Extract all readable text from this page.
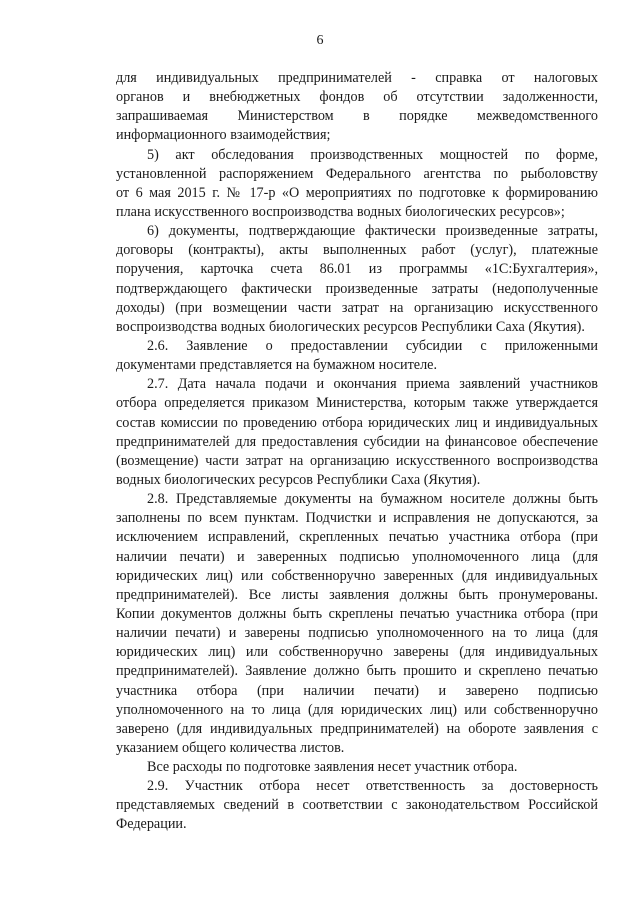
6
для индивидуальных предпринимателей - справка от налоговых
органов и внебюджетных фондов об отсутствии задолженности,
запрашиваемая Министерством в порядке межведомственного
информационного взаимодействия;
5) акт обследования производственных мощностей по форме,
установленной распоряжением Федерального агентства по рыболовству
от 6 мая 2015 г. № 17-р «О мероприятиях по подготовке к формированию
плана искусственного воспроизводства водных биологических ресурсов»;
6) документы, подтверждающие фактически произведенные затраты,
договоры (контракты), акты выполненных работ (услуг), платежные
поручения, карточка счета 86.01 из программы «1С:Бухгалтерия»,
подтверждающего фактически произведенные затраты (недополученные
доходы) (при возмещении части затрат на организацию искусственного
воспроизводства водных биологических ресурсов Республики Саха (Якутия).
2.6. Заявление о предоставлении субсидии с приложенными
документами представляется на бумажном носителе.
2.7. Дата начала подачи и окончания приема заявлений участников
отбора определяется приказом Министерства, которым также утверждается
состав комиссии по проведению отбора юридических лиц и индивидуальных
предпринимателей для предоставления субсидии на финансовое обеспечение
(возмещение) части затрат на организацию искусственного воспроизводства
водных биологических ресурсов Республики Саха (Якутия).
2.8. Представляемые документы на бумажном носителе должны быть
заполнены по всем пунктам. Подчистки и исправления не допускаются, за
исключением исправлений, скрепленных печатью участника отбора (при
наличии печати) и заверенных подписью уполномоченного лица (для
юридических лиц) или собственноручно заверенных (для индивидуальных
предпринимателей). Все листы заявления должны быть пронумерованы.
Копии документов должны быть скреплены печатью участника отбора (при
наличии печати) и заверены подписью уполномоченного на то лица (для
юридических лиц) или собственноручно заверены (для индивидуальных
предпринимателей). Заявление должно быть прошито и скреплено печатью
участника отбора (при наличии печати) и заверено подписью
уполномоченного на то лица (для юридических лиц) или собственноручно
заверено (для индивидуальных предпринимателей) на обороте заявления с
указанием общего количества листов.
Все расходы по подготовке заявления несет участник отбора.
2.9. Участник отбора несет ответственность за достоверность
представляемых сведений в соответствии с законодательством Российской
Федерации.
